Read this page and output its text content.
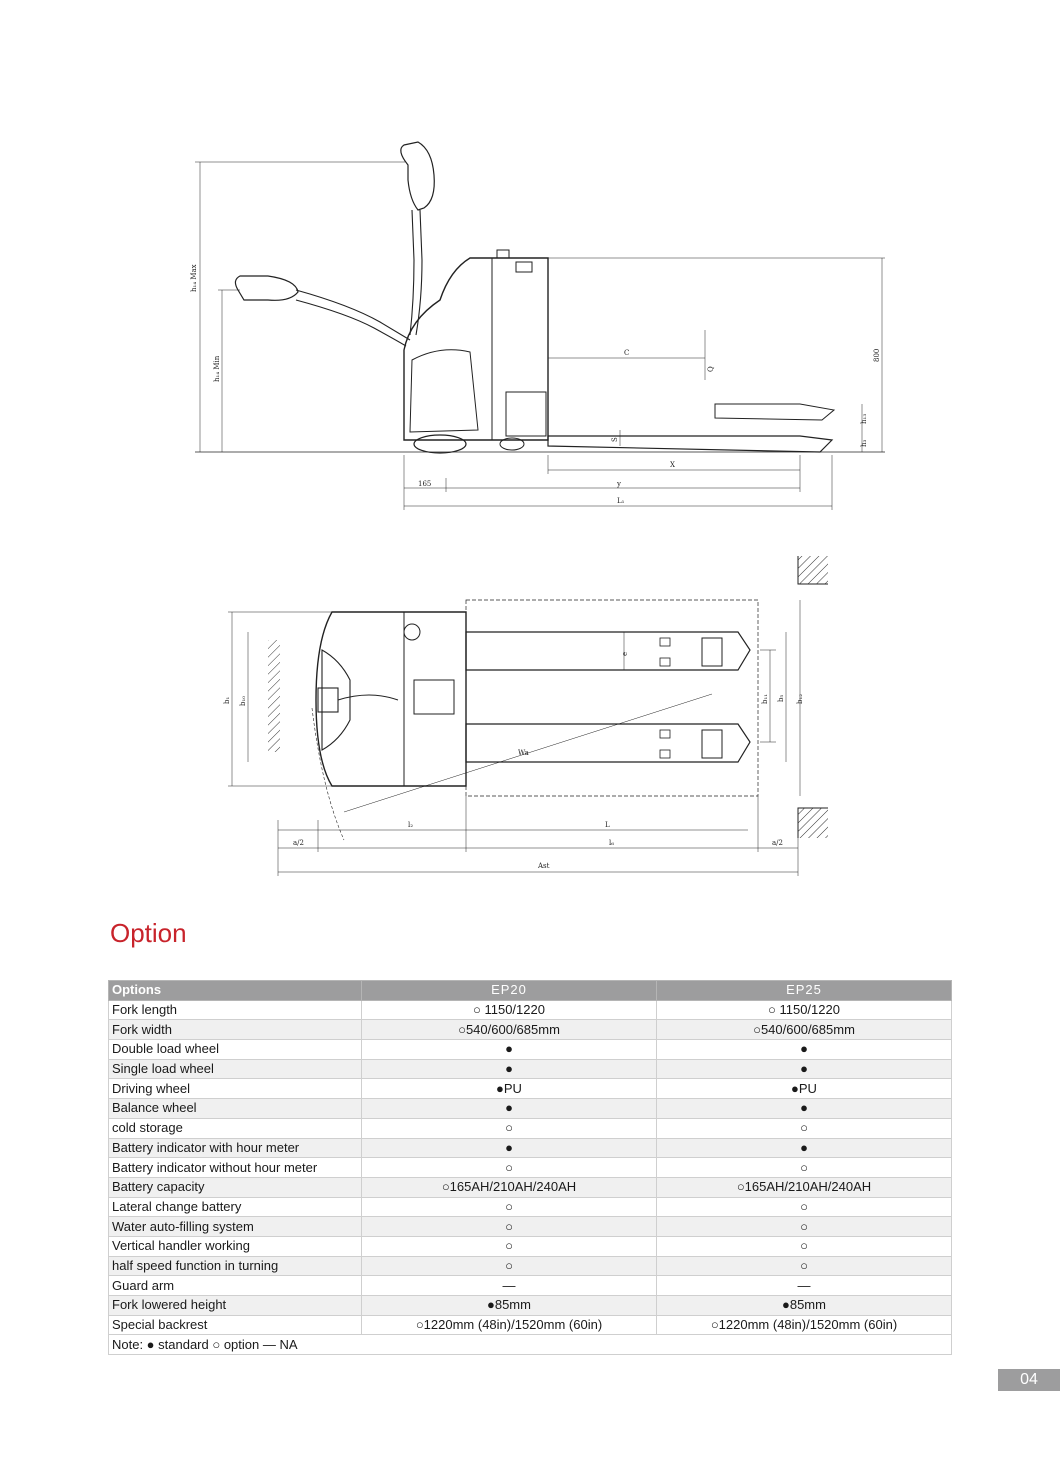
h₁₄ Max
h₁₄ Min
C
Q
S
X
y
165
L₁
h₁₃
h₃
800
e
b₁ b₁₀	b₁₁ b₅ b₁₂
Wa
l₂	L
l₆
a/2	a/2
Ast
Option
Options	EP20	EP25
Fork length	○ 1150/1220	○ 1150/1220
Fork width	○540/600/685mm	○540/600/685mm
Double load wheel	●	●
Single load wheel	●	●
Driving wheel	●PU	●PU
Balance wheel	●	●
cold storage	○	○
Battery indicator with hour meter	●	●
Battery indicator without hour meter	○	○
Battery capacity	○165AH/210AH/240AH	○165AH/210AH/240AH
Lateral change battery	○	○
Water auto-filling system	○	○
Vertical handler working	○	○
half speed function in turning	○	○
Guard arm	—	—
Fork lowered height	●85mm	●85mm
Special backrest	○1220mm (48in)/1520mm (60in)	○1220mm (48in)/1520mm (60in)
Note: ● standard ○ option — NA		
04
